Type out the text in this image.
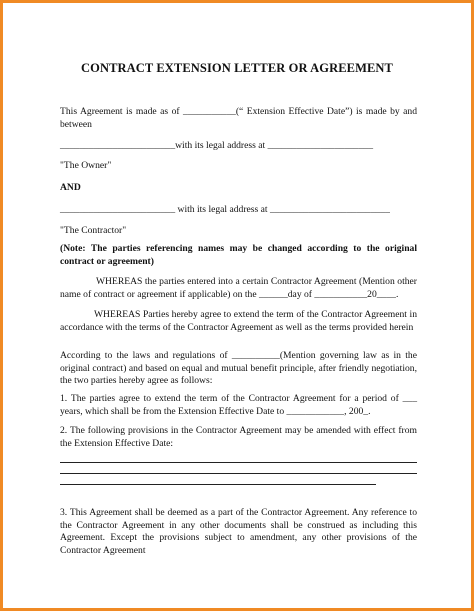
CONTRACT EXTENSION LETTER OR AGREEMENT
This Agreement is made as of ___________(“ Extension Effective Date”) is made by and between
________________________with its legal address at ______________________
"The Owner"
AND
________________________ with its legal address at _________________________
"The Contractor"
(Note: The parties referencing names may be changed according to the original contract or agreement)
WHEREAS the parties entered into a certain Contractor Agreement (Mention other name of contract or agreement if applicable) on the ______day of ___________20____.
WHEREAS Parties hereby agree to extend the term of the Contractor Agreement in accordance with the terms of the Contractor Agreement as well as the terms provided herein
According to the laws and regulations of __________(Mention governing law as in the original contract) and based on equal and mutual benefit principle, after friendly negotiation, the two parties hereby agree as follows:
1. The parties agree to extend the term of the Contractor Agreement for a period of ___ years, which shall be from the Extension Effective Date to ____________, 200_.
2. The following provisions in the Contractor Agreement may be amended with effect from the Extension Effective Date:
3. This Agreement shall be deemed as a part of the Contractor Agreement. Any reference to the Contractor Agreement in any other documents shall be construed as including this Agreement. Except the provisions subject to amendment, any other provisions of the Contractor Agreement
